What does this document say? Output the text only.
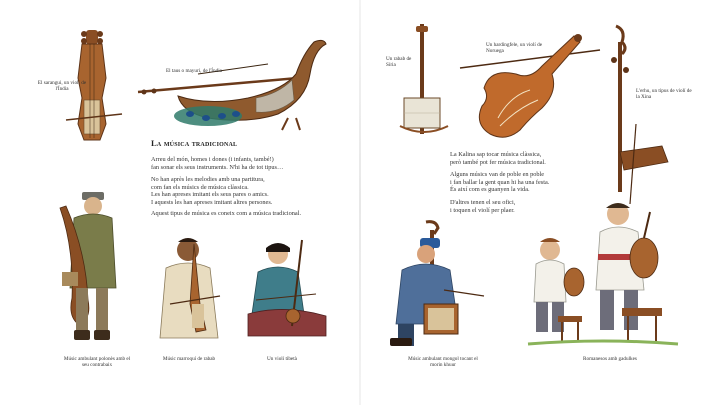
El sarangui, un violí de l'Índia
El taus o mayuri, de l'Índia
La música tradicional
Arreu del món, homes i dones (i infants, també!)
fan sonar els seus instruments. N'hi ha de tot tipus…
No han après les melodies amb una partitura,
com fan els músics de música clàssica.
Les han apreses imitant els seus pares o amics.
I aquests les han apreses imitant altres persones.
Aquest tipus de música es coneix com a música tradicional.
Músic ambulant polonès amb el seu contrabaix
Músic marroquí de rabab	Un violí tibetà
Un rabab de Síria
Un hardingfele, un violí de Noruega
L'erhu, un tipus de violí de la Xina
La Kalina sap tocar música clàssica,
però també pot fer música tradicional.
Alguns músics van de poble en poble
i fan ballar la gent quan hi ha una festa.
És així com es guanyen la vida.
D'altres tenen el seu ofici,
i toquen el violí per plaer.
Músic ambulant mongol tocant el morin khuur
Romanesos amb gadulkes
